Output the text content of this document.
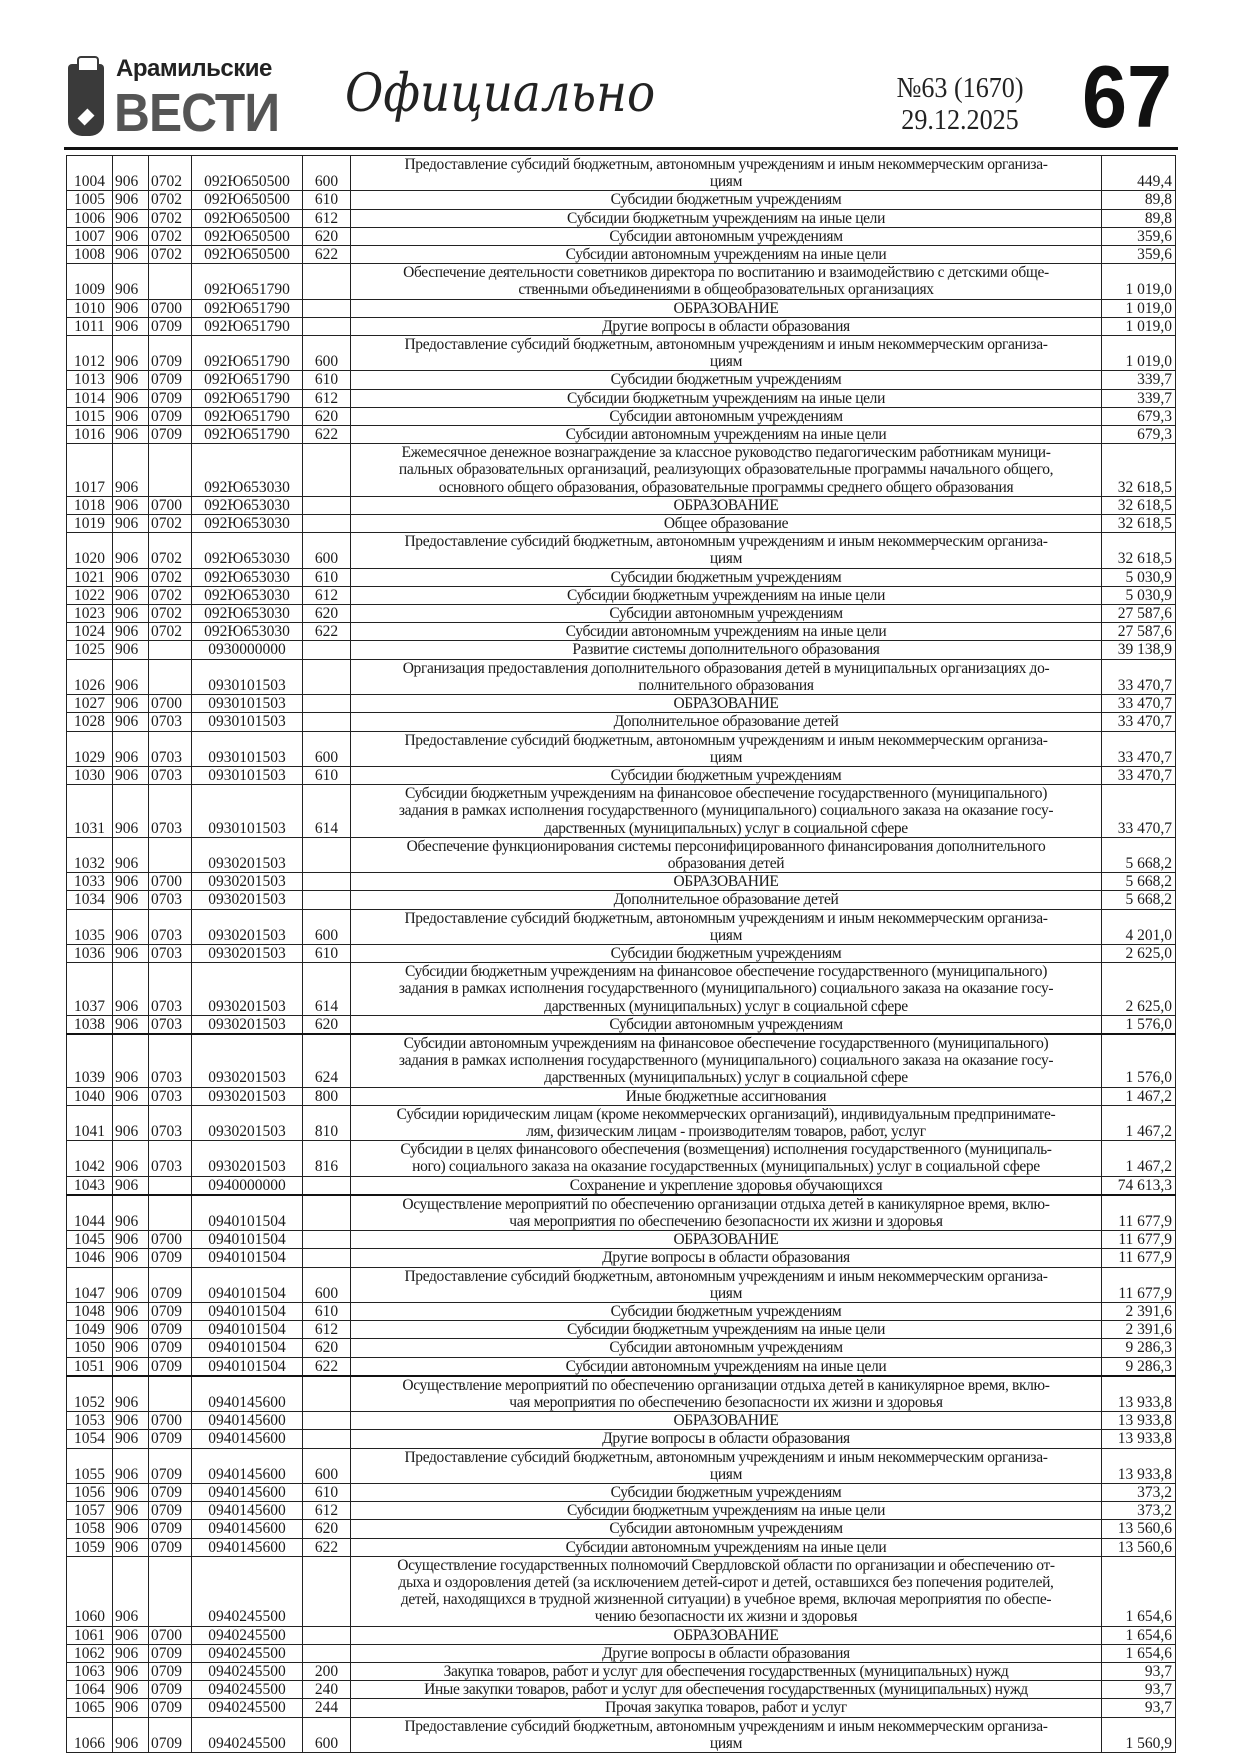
Арамильские
ВЕСТИ Официально	№63 (1670)
29.12.2025 67
1004	906	0702	092Ю650500	600	Предоставление субсидий бюджетным, автономным учреждениям и иным некоммерческим организа-
циям	449,4
1005	906	0702	092Ю650500	610	Субсидии бюджетным учреждениям	89,8
1006	906	0702	092Ю650500	612	Субсидии бюджетным учреждениям на иные цели	89,8
1007	906	0702	092Ю650500	620	Субсидии автономным учреждениям	359,6
1008	906	0702	092Ю650500	622	Субсидии автономным учреждениям на иные цели	359,6
1009	906		092Ю651790		Обеспечение деятельности советников директора по воспитанию и взаимодействию с детскими обще-
ственными объединениями в общеобразовательных организациях	1 019,0
1010	906	0700	092Ю651790		ОБРАЗОВАНИЕ	1 019,0
1011	906	0709	092Ю651790		Другие вопросы в области образования	1 019,0
1012	906	0709	092Ю651790	600	Предоставление субсидий бюджетным, автономным учреждениям и иным некоммерческим организа-
циям	1 019,0
1013	906	0709	092Ю651790	610	Субсидии бюджетным учреждениям	339,7
1014	906	0709	092Ю651790	612	Субсидии бюджетным учреждениям на иные цели	339,7
1015	906	0709	092Ю651790	620	Субсидии автономным учреждениям	679,3
1016	906	0709	092Ю651790	622	Субсидии автономным учреждениям на иные цели	679,3
1017	906		092Ю653030		Ежемесячное денежное вознаграждение за классное руководство педагогическим работникам муници-
пальных образовательных организаций, реализующих образовательные программы начального общего,
основного общего образования, образовательные программы среднего общего образования	32 618,5
1018	906	0700	092Ю653030		ОБРАЗОВАНИЕ	32 618,5
1019	906	0702	092Ю653030		Общее образование	32 618,5
1020	906	0702	092Ю653030	600	Предоставление субсидий бюджетным, автономным учреждениям и иным некоммерческим организа-
циям	32 618,5
1021	906	0702	092Ю653030	610	Субсидии бюджетным учреждениям	5 030,9
1022	906	0702	092Ю653030	612	Субсидии бюджетным учреждениям на иные цели	5 030,9
1023	906	0702	092Ю653030	620	Субсидии автономным учреждениям	27 587,6
1024	906	0702	092Ю653030	622	Субсидии автономным учреждениям на иные цели	27 587,6
1025	906		0930000000		Развитие системы дополнительного образования	39 138,9
1026	906		0930101503		Организация предоставления дополнительного образования детей в муниципальных организациях до-
полнительного образования	33 470,7
1027	906	0700	0930101503		ОБРАЗОВАНИЕ	33 470,7
1028	906	0703	0930101503		Дополнительное образование детей	33 470,7
1029	906	0703	0930101503	600	Предоставление субсидий бюджетным, автономным учреждениям и иным некоммерческим организа-
циям	33 470,7
1030	906	0703	0930101503	610	Субсидии бюджетным учреждениям	33 470,7
1031	906	0703	0930101503	614	Субсидии бюджетным учреждениям на финансовое обеспечение государственного (муниципального)
задания в рамках исполнения государственного (муниципального) социального заказа на оказание госу-
дарственных (муниципальных) услуг в социальной сфере	33 470,7
1032	906		0930201503		Обеспечение функционирования системы персонифицированного финансирования дополнительного
образования детей	5 668,2
1033	906	0700	0930201503		ОБРАЗОВАНИЕ	5 668,2
1034	906	0703	0930201503		Дополнительное образование детей	5 668,2
1035	906	0703	0930201503	600	Предоставление субсидий бюджетным, автономным учреждениям и иным некоммерческим организа-
циям	4 201,0
1036	906	0703	0930201503	610	Субсидии бюджетным учреждениям	2 625,0
1037	906	0703	0930201503	614	Субсидии бюджетным учреждениям на финансовое обеспечение государственного (муниципального)
задания в рамках исполнения государственного (муниципального) социального заказа на оказание госу-
дарственных (муниципальных) услуг в социальной сфере	2 625,0
1038	906	0703	0930201503	620	Субсидии автономным учреждениям	1 576,0
1039	906	0703	0930201503	624	Субсидии автономным учреждениям на финансовое обеспечение государственного (муниципального)
задания в рамках исполнения государственного (муниципального) социального заказа на оказание госу-
дарственных (муниципальных) услуг в социальной сфере	1 576,0
1040	906	0703	0930201503	800	Иные бюджетные ассигнования	1 467,2
1041	906	0703	0930201503	810	Субсидии юридическим лицам (кроме некоммерческих организаций), индивидуальным предпринимате-
лям, физическим лицам - производителям товаров, работ, услуг	1 467,2
1042	906	0703	0930201503	816	Субсидии в целях финансового обеспечения (возмещения) исполнения государственного (муниципаль-
ного) социального заказа на оказание государственных (муниципальных) услуг в социальной сфере	1 467,2
1043	906		0940000000		Сохранение и укрепление здоровья обучающихся	74 613,3
1044	906		0940101504		Осуществление мероприятий по обеспечению организации отдыха детей в каникулярное время, вклю-
чая мероприятия по обеспечению безопасности их жизни и здоровья	11 677,9
1045	906	0700	0940101504		ОБРАЗОВАНИЕ	11 677,9
1046	906	0709	0940101504		Другие вопросы в области образования	11 677,9
1047	906	0709	0940101504	600	Предоставление субсидий бюджетным, автономным учреждениям и иным некоммерческим организа-
циям	11 677,9
1048	906	0709	0940101504	610	Субсидии бюджетным учреждениям	2 391,6
1049	906	0709	0940101504	612	Субсидии бюджетным учреждениям на иные цели	2 391,6
1050	906	0709	0940101504	620	Субсидии автономным учреждениям	9 286,3
1051	906	0709	0940101504	622	Субсидии автономным учреждениям на иные цели	9 286,3
1052	906		0940145600		Осуществление мероприятий по обеспечению организации отдыха детей в каникулярное время, вклю-
чая мероприятия по обеспечению безопасности их жизни и здоровья	13 933,8
1053	906	0700	0940145600		ОБРАЗОВАНИЕ	13 933,8
1054	906	0709	0940145600		Другие вопросы в области образования	13 933,8
1055	906	0709	0940145600	600	Предоставление субсидий бюджетным, автономным учреждениям и иным некоммерческим организа-
циям	13 933,8
1056	906	0709	0940145600	610	Субсидии бюджетным учреждениям	373,2
1057	906	0709	0940145600	612	Субсидии бюджетным учреждениям на иные цели	373,2
1058	906	0709	0940145600	620	Субсидии автономным учреждениям	13 560,6
1059	906	0709	0940145600	622	Субсидии автономным учреждениям на иные цели	13 560,6
1060	906		0940245500		Осуществление государственных полномочий Свердловской области по организации и обеспечению от-
дыха и оздоровления детей (за исключением детей-сирот и детей, оставшихся без попечения родителей,
детей, находящихся в трудной жизненной ситуации) в учебное время, включая мероприятия по обеспе-
чению безопасности их жизни и здоровья	1 654,6
1061	906	0700	0940245500		ОБРАЗОВАНИЕ	1 654,6
1062	906	0709	0940245500		Другие вопросы в области образования	1 654,6
1063	906	0709	0940245500	200	Закупка товаров, работ и услуг для обеспечения государственных (муниципальных) нужд	93,7
1064	906	0709	0940245500	240	Иные закупки товаров, работ и услуг для обеспечения государственных (муниципальных) нужд	93,7
1065	906	0709	0940245500	244	Прочая закупка товаров, работ и услуг	93,7
1066	906	0709	0940245500	600	Предоставление субсидий бюджетным, автономным учреждениям и иным некоммерческим организа-
циям	1 560,9
